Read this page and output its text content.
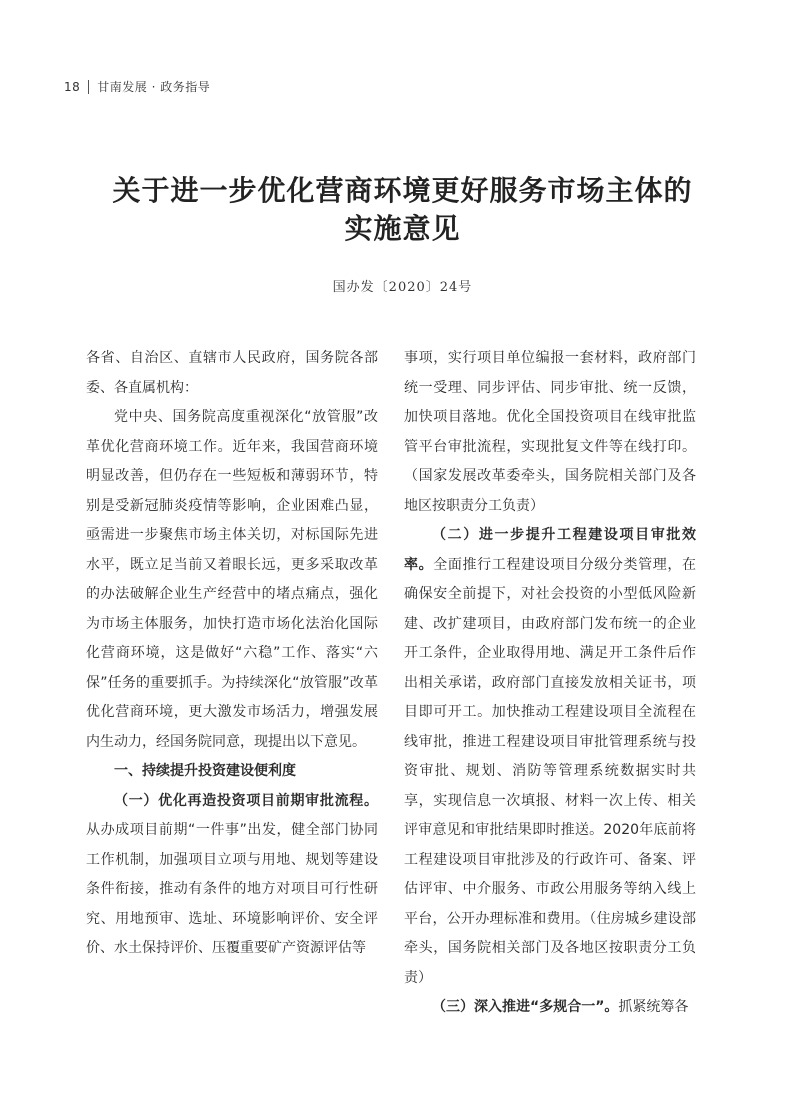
18 甘南发展 · 政务指导
关于进一步优化营商环境更好服务市场主体的
实施意见
国办发〔2020〕24号

各省、自治区、直辖市人民政府，国务院各部委、各直属机构：

党中央、国务院高度重视深化“放管服”改革优化营商环境工作。近年来，我国营商环境明显改善，但仍存在一些短板和薄弱环节，特别是受新冠肺炎疫情等影响，企业困难凸显，亟需进一步聚焦市场主体关切，对标国际先进水平，既立足当前又着眼长远，更多采取改革的办法破解企业生产经营中的堵点痛点，强化为市场主体服务，加快打造市场化法治化国际化营商环境，这是做好“六稳”工作、落实“六保”任务的重要抓手。为持续深化“放管服”改革优化营商环境，更大激发市场活力，增强发展内生动力，经国务院同意，现提出以下意见。

一、持续提升投资建设便利度

（一）优化再造投资项目前期审批流程。从办成项目前期“一件事”出发，健全部门协同工作机制，加强项目立项与用地、规划等建设条件衔接，推动有条件的地方对项目可行性研究、用地预审、选址、环境影响评价、安全评价、水土保持评价、压覆重要矿产资源评估等

事项，实行项目单位编报一套材料，政府部门统一受理、同步评估、同步审批、统一反馈，加快项目落地。优化全国投资项目在线审批监管平台审批流程，实现批复文件等在线打印。（国家发展改革委牵头，国务院相关部门及各地区按职责分工负责）

（二）进一步提升工程建设项目审批效率。全面推行工程建设项目分级分类管理，在确保安全前提下，对社会投资的小型低风险新建、改扩建项目，由政府部门发布统一的企业开工条件，企业取得用地、满足开工条件后作出相关承诺，政府部门直接发放相关证书，项目即可开工。加快推动工程建设项目全流程在线审批，推进工程建设项目审批管理系统与投资审批、规划、消防等管理系统数据实时共享，实现信息一次填报、材料一次上传、相关评审意见和审批结果即时推送。2020年底前将工程建设项目审批涉及的行政许可、备案、评估评审、中介服务、市政公用服务等纳入线上平台，公开办理标准和费用。（住房城乡建设部牵头，国务院相关部门及各地区按职责分工负责）

（三）深入推进“多规合一”。抓紧统筹各
